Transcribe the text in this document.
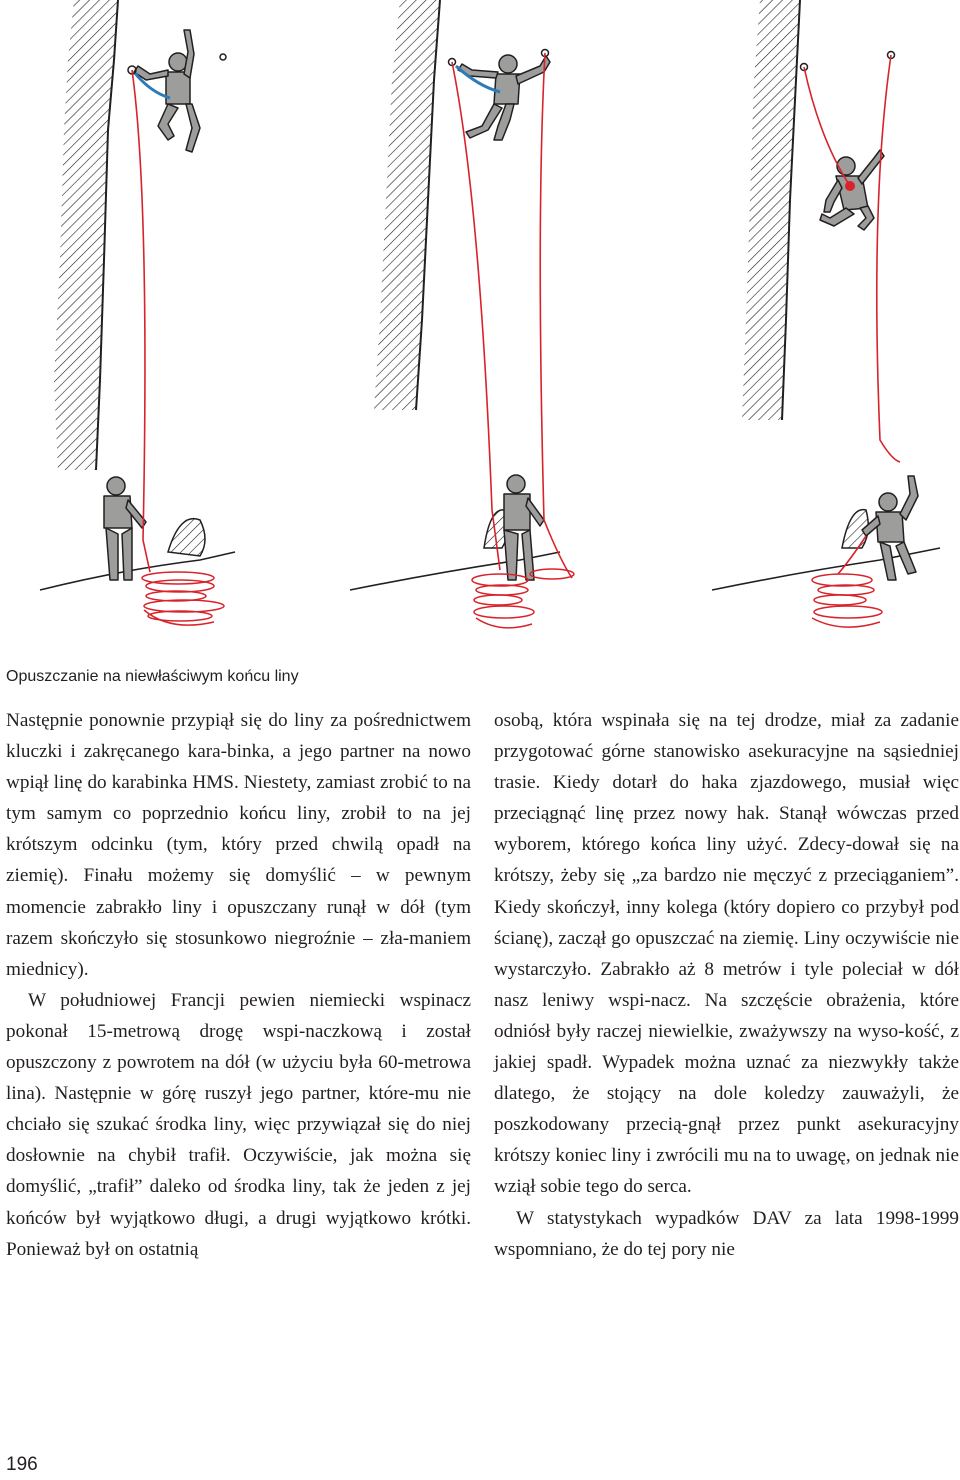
Opuszczanie na niewłaściwym końcu liny

Następnie ponownie przypiął się do liny za pośrednictwem kluczki i zakręcanego kara-binka, a jego partner na nowo wpiął linę do karabinka HMS. Niestety, zamiast zrobić to na tym samym co poprzednio końcu liny, zrobił to na jej krótszym odcinku (tym, który przed chwilą opadł na ziemię). Finału możemy się domyślić – w pewnym momencie zabrakło liny i opuszczany runął w dół (tym razem skończyło się stosunkowo niegroźnie – zła-maniem miednicy).

W południowej Francji pewien niemiecki wspinacz pokonał 15-metrową drogę wspi-naczkową i został opuszczony z powrotem na dół (w użyciu była 60-metrowa lina). Następnie w górę ruszył jego partner, które-mu nie chciało się szukać środka liny, więc przywiązał się do niej dosłownie na chybił trafił. Oczywiście, jak można się domyślić, „trafił” daleko od środka liny, tak że jeden z jej końców był wyjątkowo długi, a drugi wyjątkowo krótki. Ponieważ był on ostatnią

osobą, która wspinała się na tej drodze, miał za zadanie przygotować górne stanowisko asekuracyjne na sąsiedniej trasie. Kiedy dotarł do haka zjazdowego, musiał więc przeciągnąć linę przez nowy hak. Stanął wówczas przed wyborem, którego końca liny użyć. Zdecy-dował się na krótszy, żeby się „za bardzo nie męczyć z przeciąganiem”. Kiedy skończył, inny kolega (który dopiero co przybył pod ścianę), zaczął go opuszczać na ziemię. Liny oczywiście nie wystarczyło. Zabrakło aż 8 metrów i tyle poleciał w dół nasz leniwy wspi-nacz. Na szczęście obrażenia, które odniósł były raczej niewielkie, zważywszy na wyso-kość, z jakiej spadł. Wypadek można uznać za niezwykły także dlatego, że stojący na dole koledzy zauważyli, że poszkodowany przecią-gnął przez punkt asekuracyjny krótszy koniec liny i zwrócili mu na to uwagę, on jednak nie wziął sobie tego do serca.

W statystykach wypadków DAV za lata 1998-1999 wspomniano, że do tej pory nie

196
